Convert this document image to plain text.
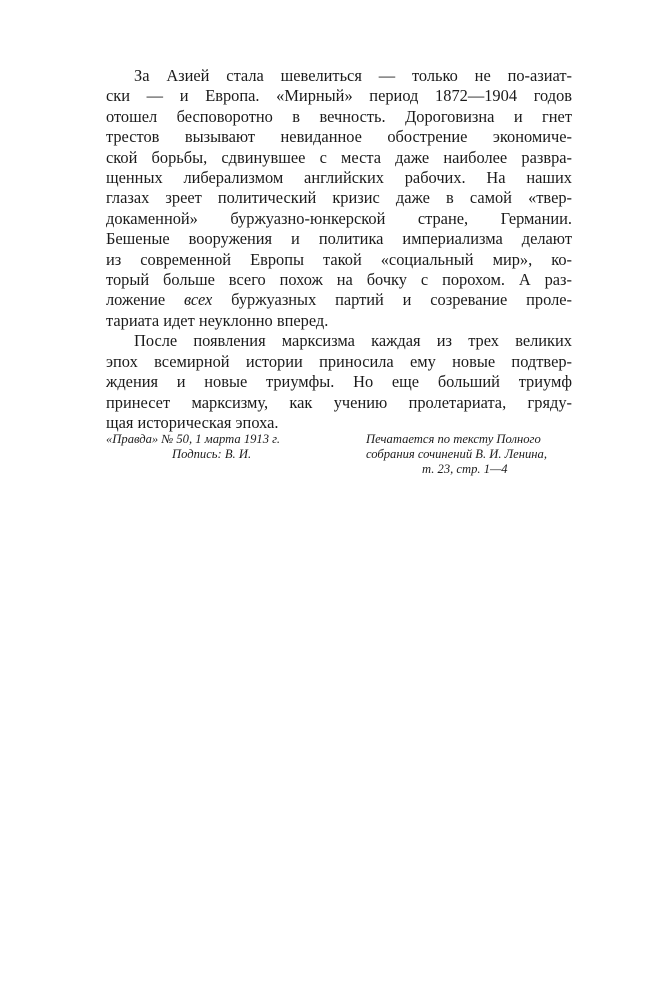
За Азией стала шевелиться — только не по-азиат-
ски — и Европа. «Мирный» период 1872—1904 годов
отошел бесповоротно в вечность. Дороговизна и гнет
трестов вызывают невиданное обострение экономиче-
ской борьбы, сдвинувшее с места даже наиболее развра-
щенных либерализмом английских рабочих. На наших
глазах зреет политический кризис даже в самой «твер-
докаменной» буржуазно-юнкерской стране, Германии.
Бешеные вооружения и политика империализма делают
из современной Европы такой «социальный мир», ко-
торый больше всего похож на бочку с порохом. А раз-
ложение всех буржуазных партий и созревание проле-
тариата идет неуклонно вперед.
После появления марксизма каждая из трех великих
эпох всемирной истории приносила ему новые подтвер-
ждения и новые триумфы. Но еще больший триумф
принесет марксизму, как учению пролетариата, гряду-
щая историческая эпоха.
«Правда» № 50, 1 марта 1913 г.
Подпись: В. И.
Печатается по тексту Полного
собрания сочинений В. И. Ленина,
т. 23, стр. 1—4
